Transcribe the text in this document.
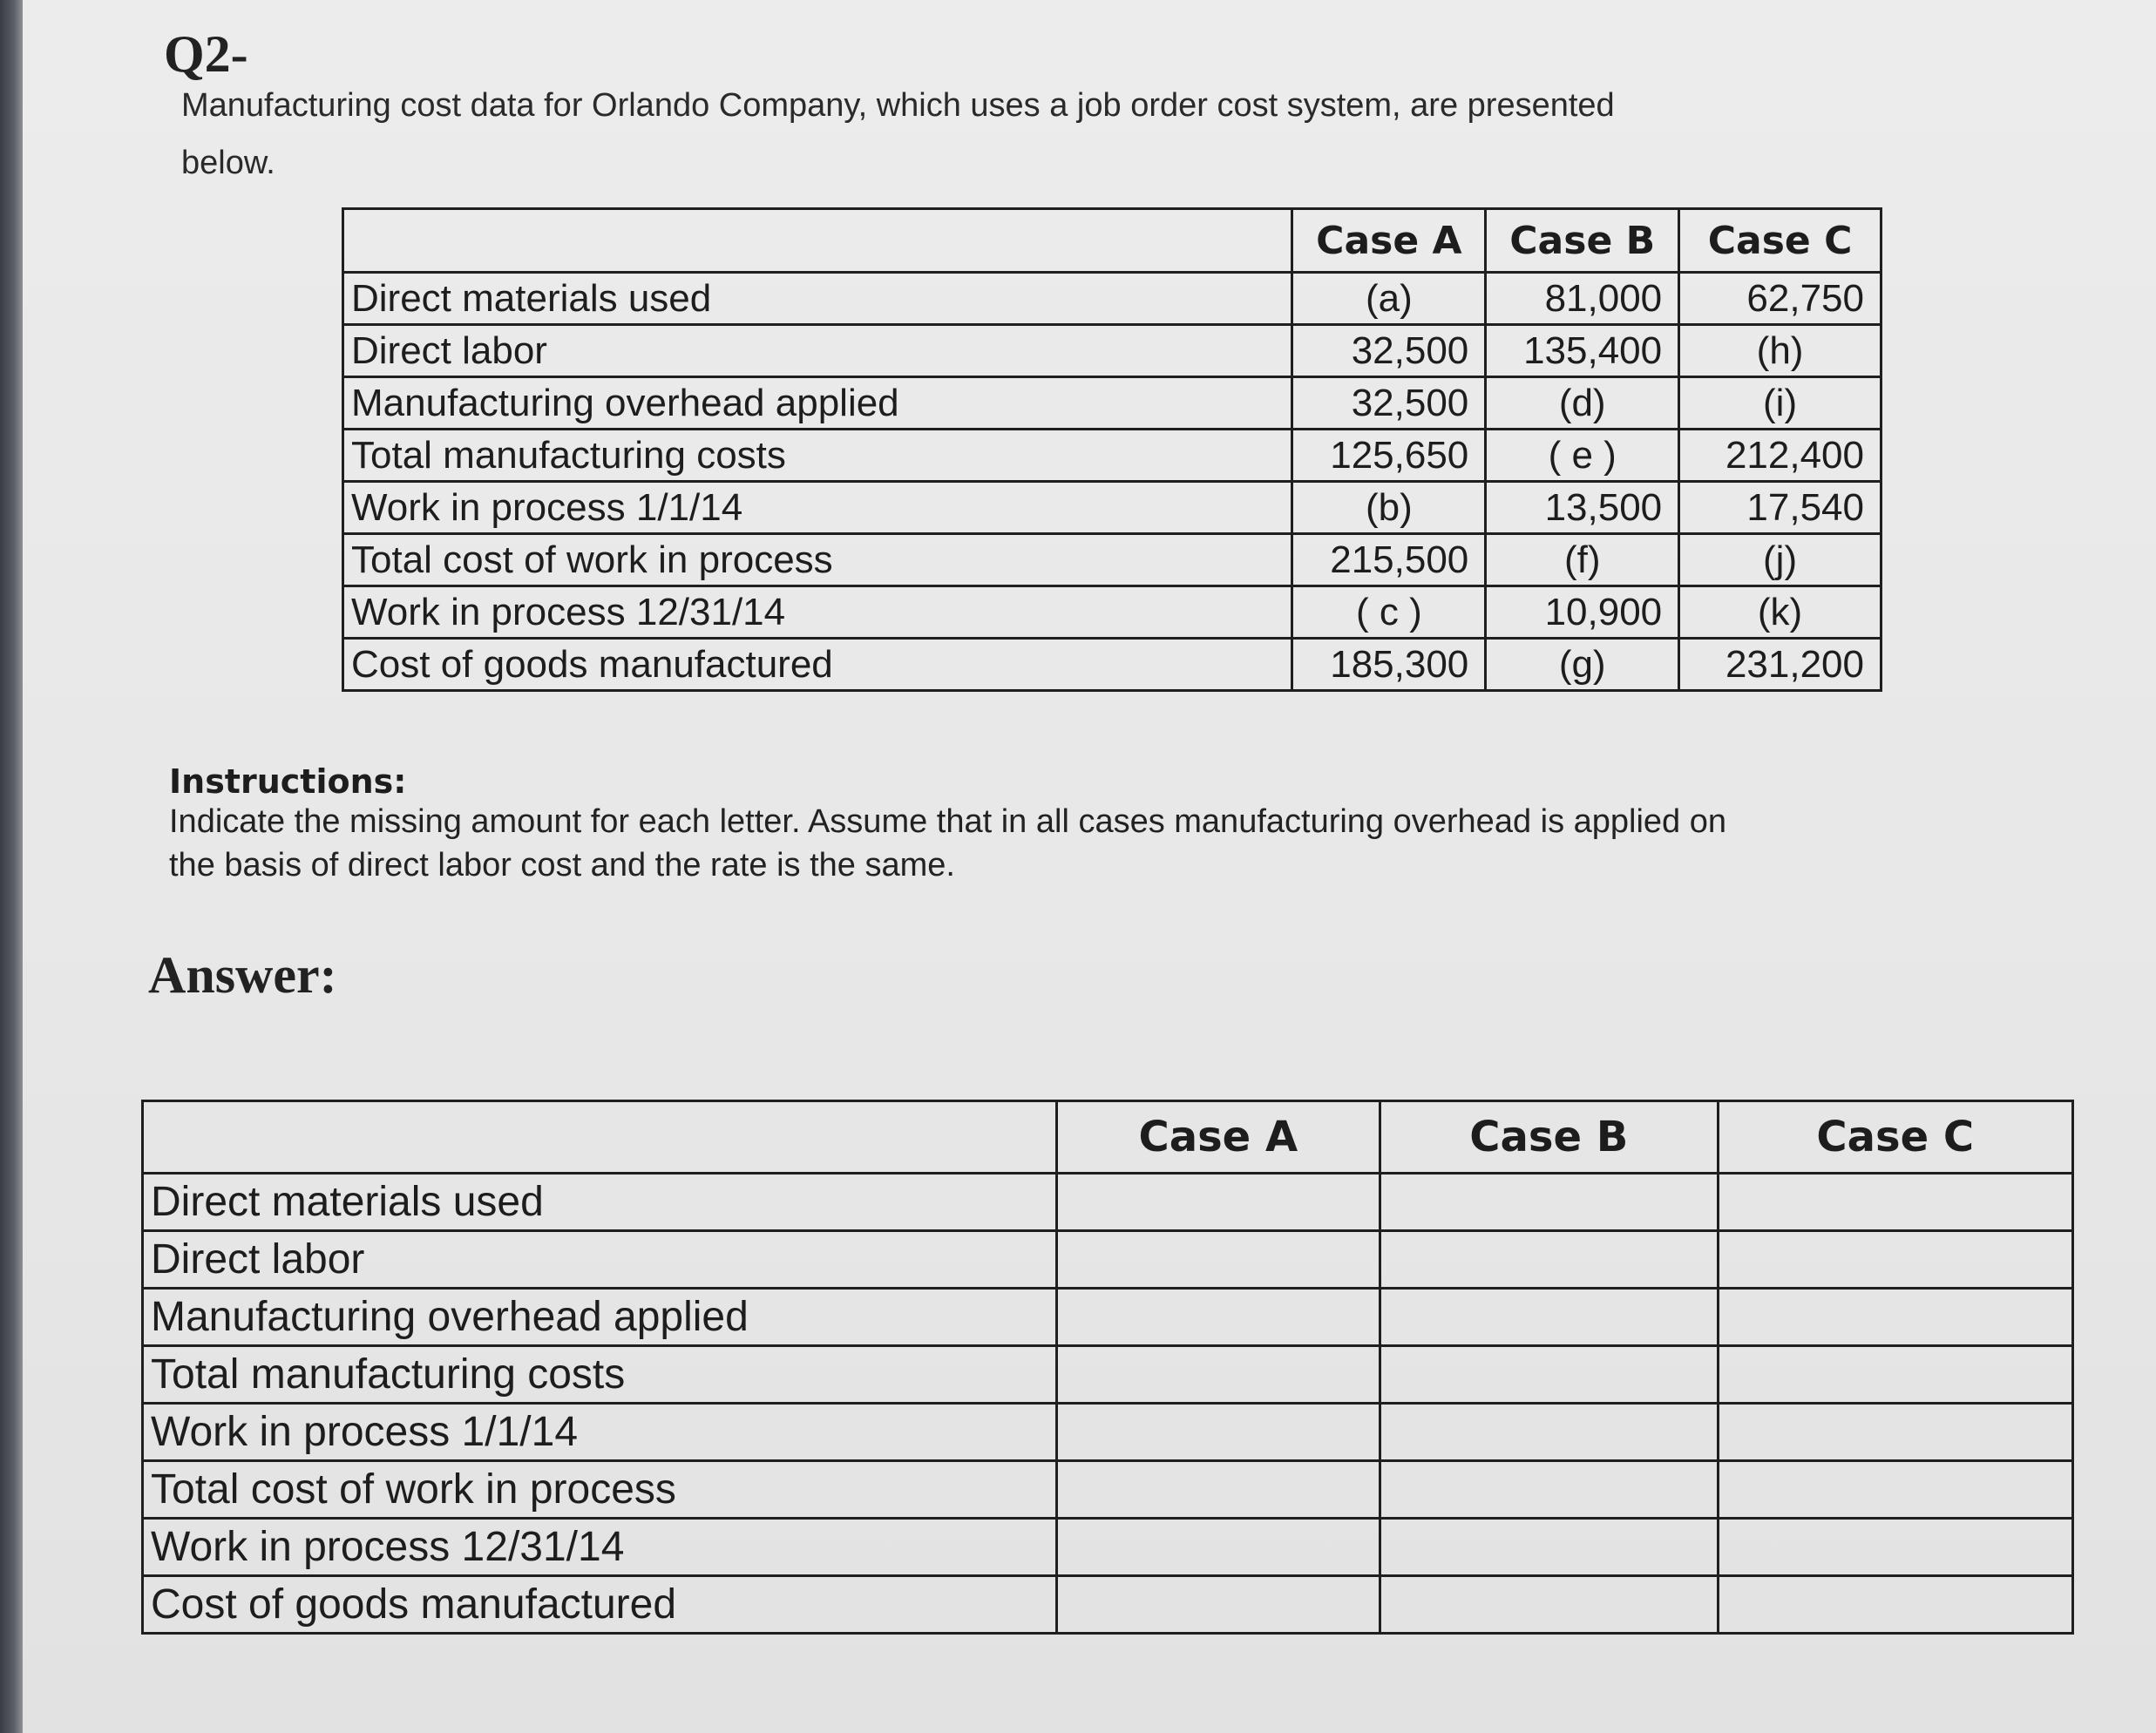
Q2-
Manufacturing cost data for Orlando Company, which uses a job order cost system, are presented below.
	Case A	Case B	Case C
Direct materials used	(a)	81,000	62,750
Direct labor	32,500	135,400	(h)
Manufacturing overhead applied	32,500	(d)	(i)
Total manufacturing costs	125,650	( e )	212,400
Work in process 1/1/14	(b)	13,500	17,540
Total cost of work in process	215,500	(f)	(j)
Work in process 12/31/14	( c )	10,900	(k)
Cost of goods manufactured	185,300	(g)	231,200
Instructions:
Indicate the missing amount for each letter. Assume that in all cases manufacturing overhead is applied on the basis of direct labor cost and the rate is the same.
Answer:
	Case A	Case B	Case C
Direct materials used			
Direct labor			
Manufacturing overhead applied			
Total manufacturing costs			
Work in process 1/1/14			
Total cost of work in process			
Work in process 12/31/14			
Cost of goods manufactured			
